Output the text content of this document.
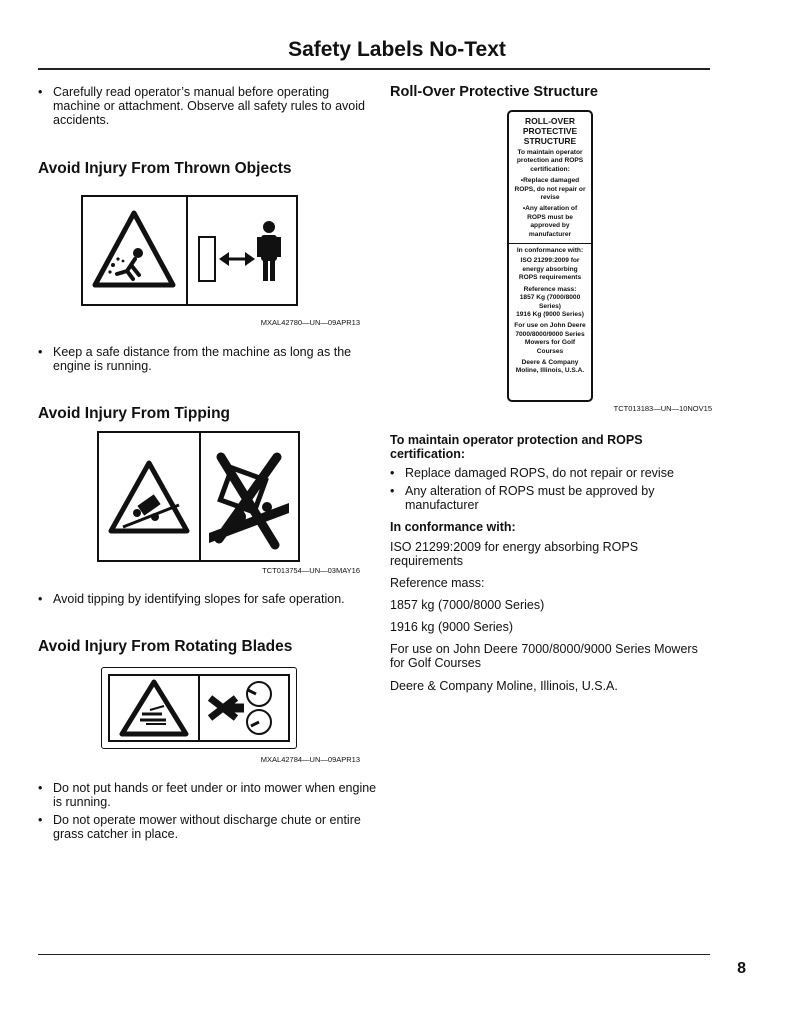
Safety Labels No-Text
• Carefully read operator’s manual before operating machine or attachment. Observe all safety rules to avoid accidents.
Avoid Injury From Thrown Objects
MXAL42780—UN—09APR13
• Keep a safe distance from the machine as long as the engine is running.
Avoid Injury From Tipping
TCT013754—UN—03MAY16
• Avoid tipping by identifying slopes for safe operation.
Avoid Injury From Rotating Blades
MXAL42784—UN—09APR13
• Do not put hands or feet under or into mower when engine is running.
• Do not operate mower without discharge chute or entire grass catcher in place.
Roll-Over Protective Structure
ROLL-OVER
PROTECTIVE
STRUCTURE
To maintain operator protection and ROPS certification:
•Replace damaged ROPS, do not repair or revise
•Any alteration of ROPS must be approved by manufacturer
In conformance with:
ISO 21299:2009 for energy absorbing ROPS requirements
Reference mass:
1857 Kg (7000/8000 Series)
1916 Kg (9000 Series)
For use on John Deere 7000/8000/9000 Series Mowers for Golf Courses
Deere & Company Moline, Illinois, U.S.A.
TCT013183—UN—10NOV15
To maintain operator protection and ROPS certification:
• Replace damaged ROPS, do not repair or revise
• Any alteration of ROPS must be approved by manufacturer
In conformance with:
ISO 21299:2009 for energy absorbing ROPS requirements
Reference mass:
1857 kg (7000/8000 Series)
1916 kg (9000 Series)
For use on John Deere 7000/8000/9000 Series Mowers for Golf Courses
Deere & Company Moline, Illinois, U.S.A.
8
